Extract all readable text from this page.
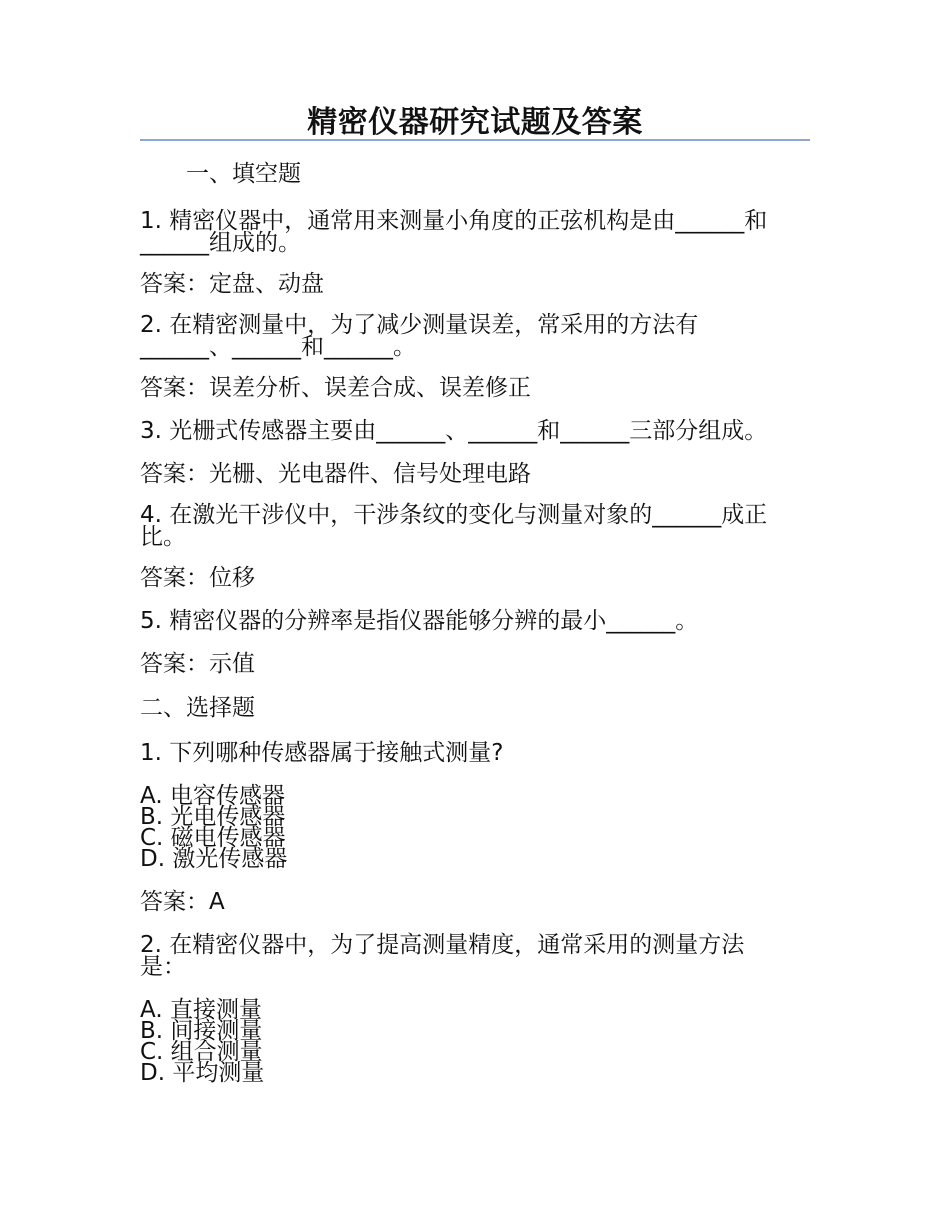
精密仪器研究试题及答案

一、填空题

1. 精密仪器中，通常用来测量小角度的正弦机构是由______和

______组成的。

答案：定盘、动盘

2. 在精密测量中，为了减少测量误差，常采用的方法有

______、______和______。

答案：误差分析、误差合成、误差修正

3. 光栅式传感器主要由______、______和______三部分组成。

答案：光栅、光电器件、信号处理电路

4. 在激光干涉仪中，干涉条纹的变化与测量对象的______成正

比。

答案：位移

5. 精密仪器的分辨率是指仪器能够分辨的最小______。

答案：示值

二、选择题

1. 下列哪种传感器属于接触式测量?

A. 电容传感器

B. 光电传感器

C. 磁电传感器

D. 激光传感器

答案：A

2. 在精密仪器中，为了提高测量精度，通常采用的测量方法

是：

A. 直接测量

B. 间接测量

C. 组合测量

D. 平均测量
